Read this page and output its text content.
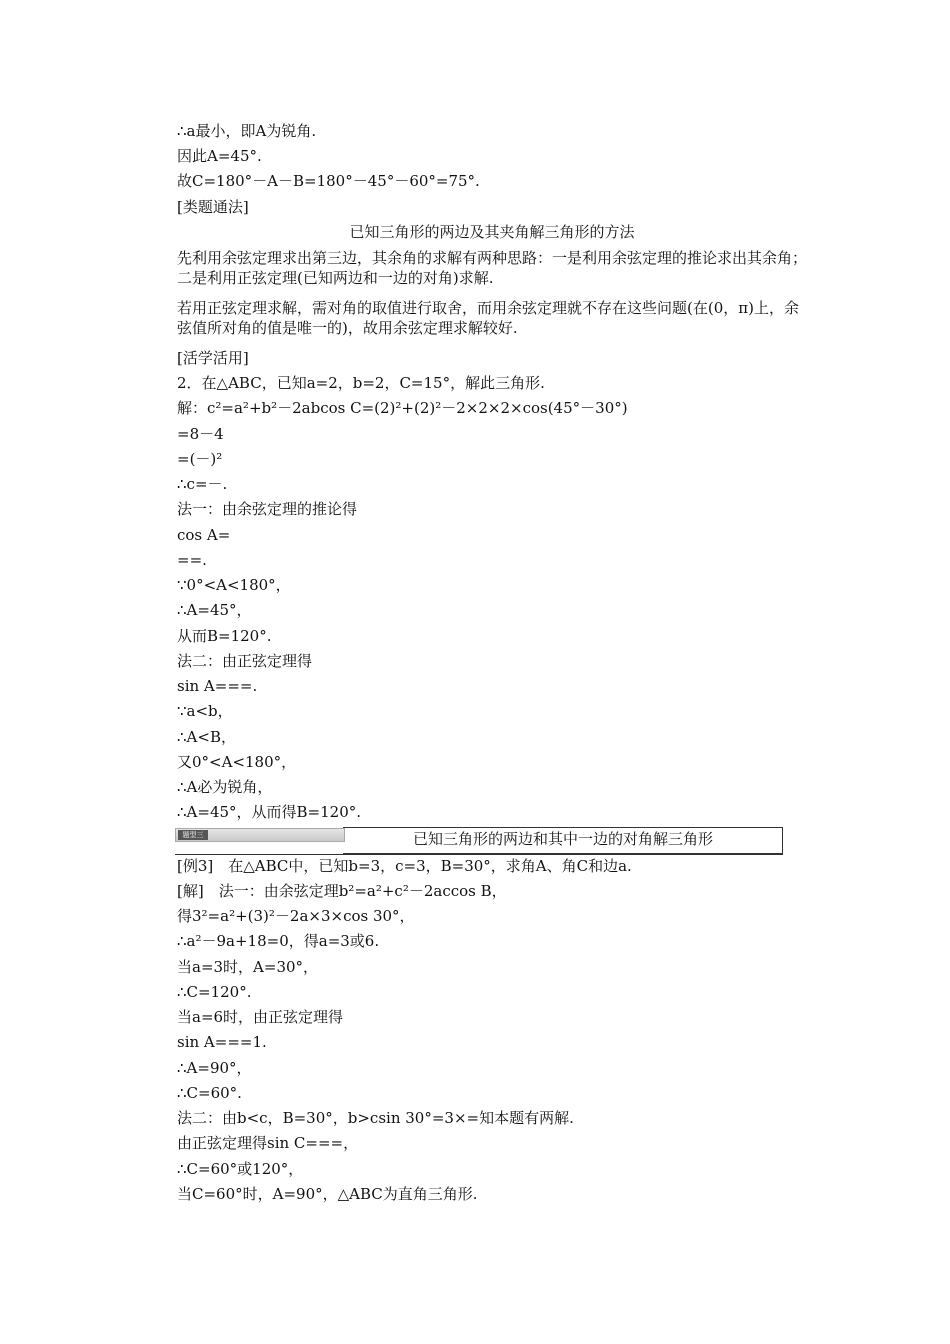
∴a最小，即A为锐角.
因此A=45°.
故C=180°－A－B=180°－45°－60°=75°.
[类题通法]
已知三角形的两边及其夹角解三角形的方法
先利用余弦定理求出第三边，其余角的求解有两种思路：一是利用余弦定理的推论求出其余角；二是利用正弦定理(已知两边和一边的对角)求解.
若用正弦定理求解，需对角的取值进行取舍，而用余弦定理就不存在这些问题(在(0，π)上，余弦值所对角的值是唯一的)，故用余弦定理求解较好.
[活学活用]
2．在△ABC，已知a=2，b=2，C=15°，解此三角形.
解：c²=a²+b²－2abcos C=(2)²+(2)²－2×2×2×cos(45°－30°)
=8－4
=(－)²
∴c=－.
法一：由余弦定理的推论得
cos A=
==.
∵0°<A<180°，
∴A=45°，
从而B=120°.
法二：由正弦定理得
sin A===.
∵a<b，
∴A<B，
又0°<A<180°，
∴A必为锐角，
∴A=45°，从而得B=120°.
题型三	已知三角形的两边和其中一边的对角解三角形
[例3]　在△ABC中，已知b=3，c=3，B=30°，求角A、角C和边a.
[解]　法一：由余弦定理b²=a²+c²－2accos B，
得3²=a²+(3)²－2a×3×cos 30°，
∴a²－9a+18=0，得a=3或6.
当a=3时，A=30°，
∴C=120°.
当a=6时，由正弦定理得
sin A===1.
∴A=90°，
∴C=60°.
法二：由b<c，B=30°，b>csin 30°=3×=知本题有两解.
由正弦定理得sin C===，
∴C=60°或120°，
当C=60°时，A=90°，△ABC为直角三角形.
